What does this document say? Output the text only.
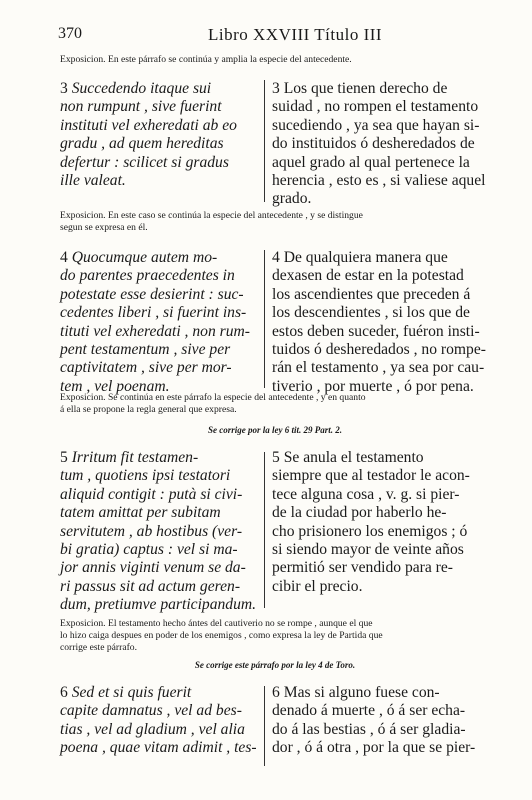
370	Libro XXVIII Título III
Exposicion. En este párrafo se continúa y amplia la especie del antecedente.
3 Succedendo itaque sui
non rumpunt , sive fuerint
instituti vel exheredati ab eo
gradu , ad quem hereditas
defertur : scilicet si gradus
ille valeat.
3 Los que tienen derecho de
suidad , no rompen el testamento
sucediendo , ya sea que hayan si-
do instituidos ó desheredados de
aquel grado al qual pertenece la
herencia , esto es , si valiese aquel
grado.
Exposicion. En este caso se continúa la especie del antecedente , y se distingue
segun se expresa en él.
4 Quocumque autem mo-
do parentes praecedentes in
potestate esse desierint : suc-
cedentes liberi , si fuerint ins-
tituti vel exheredati , non rum-
pent testamentum , sive per
captivitatem , sive per mor-
tem , vel poenam.
4 De qualquiera manera que
dexasen de estar en la potestad
los ascendientes que preceden á
los descendientes , si los que de
estos deben suceder, fuéron insti-
tuidos ó desheredados , no rompe-
rán el testamento , ya sea por cau-
tiverio , por muerte , ó por pena.
Exposicion. Se continúa en este párrafo la especie del antecedente , y en quanto
á ella se propone la regla general que expresa.
Se corrige por la ley 6 tit. 29 Part. 2.
5 Irritum fit testamen-
tum , quotiens ipsi testatori
aliquid contigit : putà si civi-
tatem amittat per subitam
servitutem , ab hostibus (ver-
bi gratia) captus : vel si ma-
jor annis viginti venum se da-
ri passus sit ad actum geren-
dum, pretiumve participandum.
5 Se anula el testamento
siempre que al testador le acon-
tece alguna cosa , v. g. si pier-
de la ciudad por haberlo he-
cho prisionero los enemigos ; ó
si siendo mayor de veinte años
permitió ser vendido para re-
cibir el precio.
Exposicion. El testamento hecho ántes del cautiverio no se rompe , aunque el que
lo hizo caiga despues en poder de los enemigos , como expresa la ley de Partida que
corrige este párrafo.
Se corrige este párrafo por la ley 4 de Toro.
6 Sed et si quis fuerit
capite damnatus , vel ad bes-
tias , vel ad gladium , vel alia
poena , quae vitam adimit , tes-
6 Mas si alguno fuese con-
denado á muerte , ó á ser echa-
do á las bestias , ó á ser gladia-
dor , ó á otra , por la que se pier-
